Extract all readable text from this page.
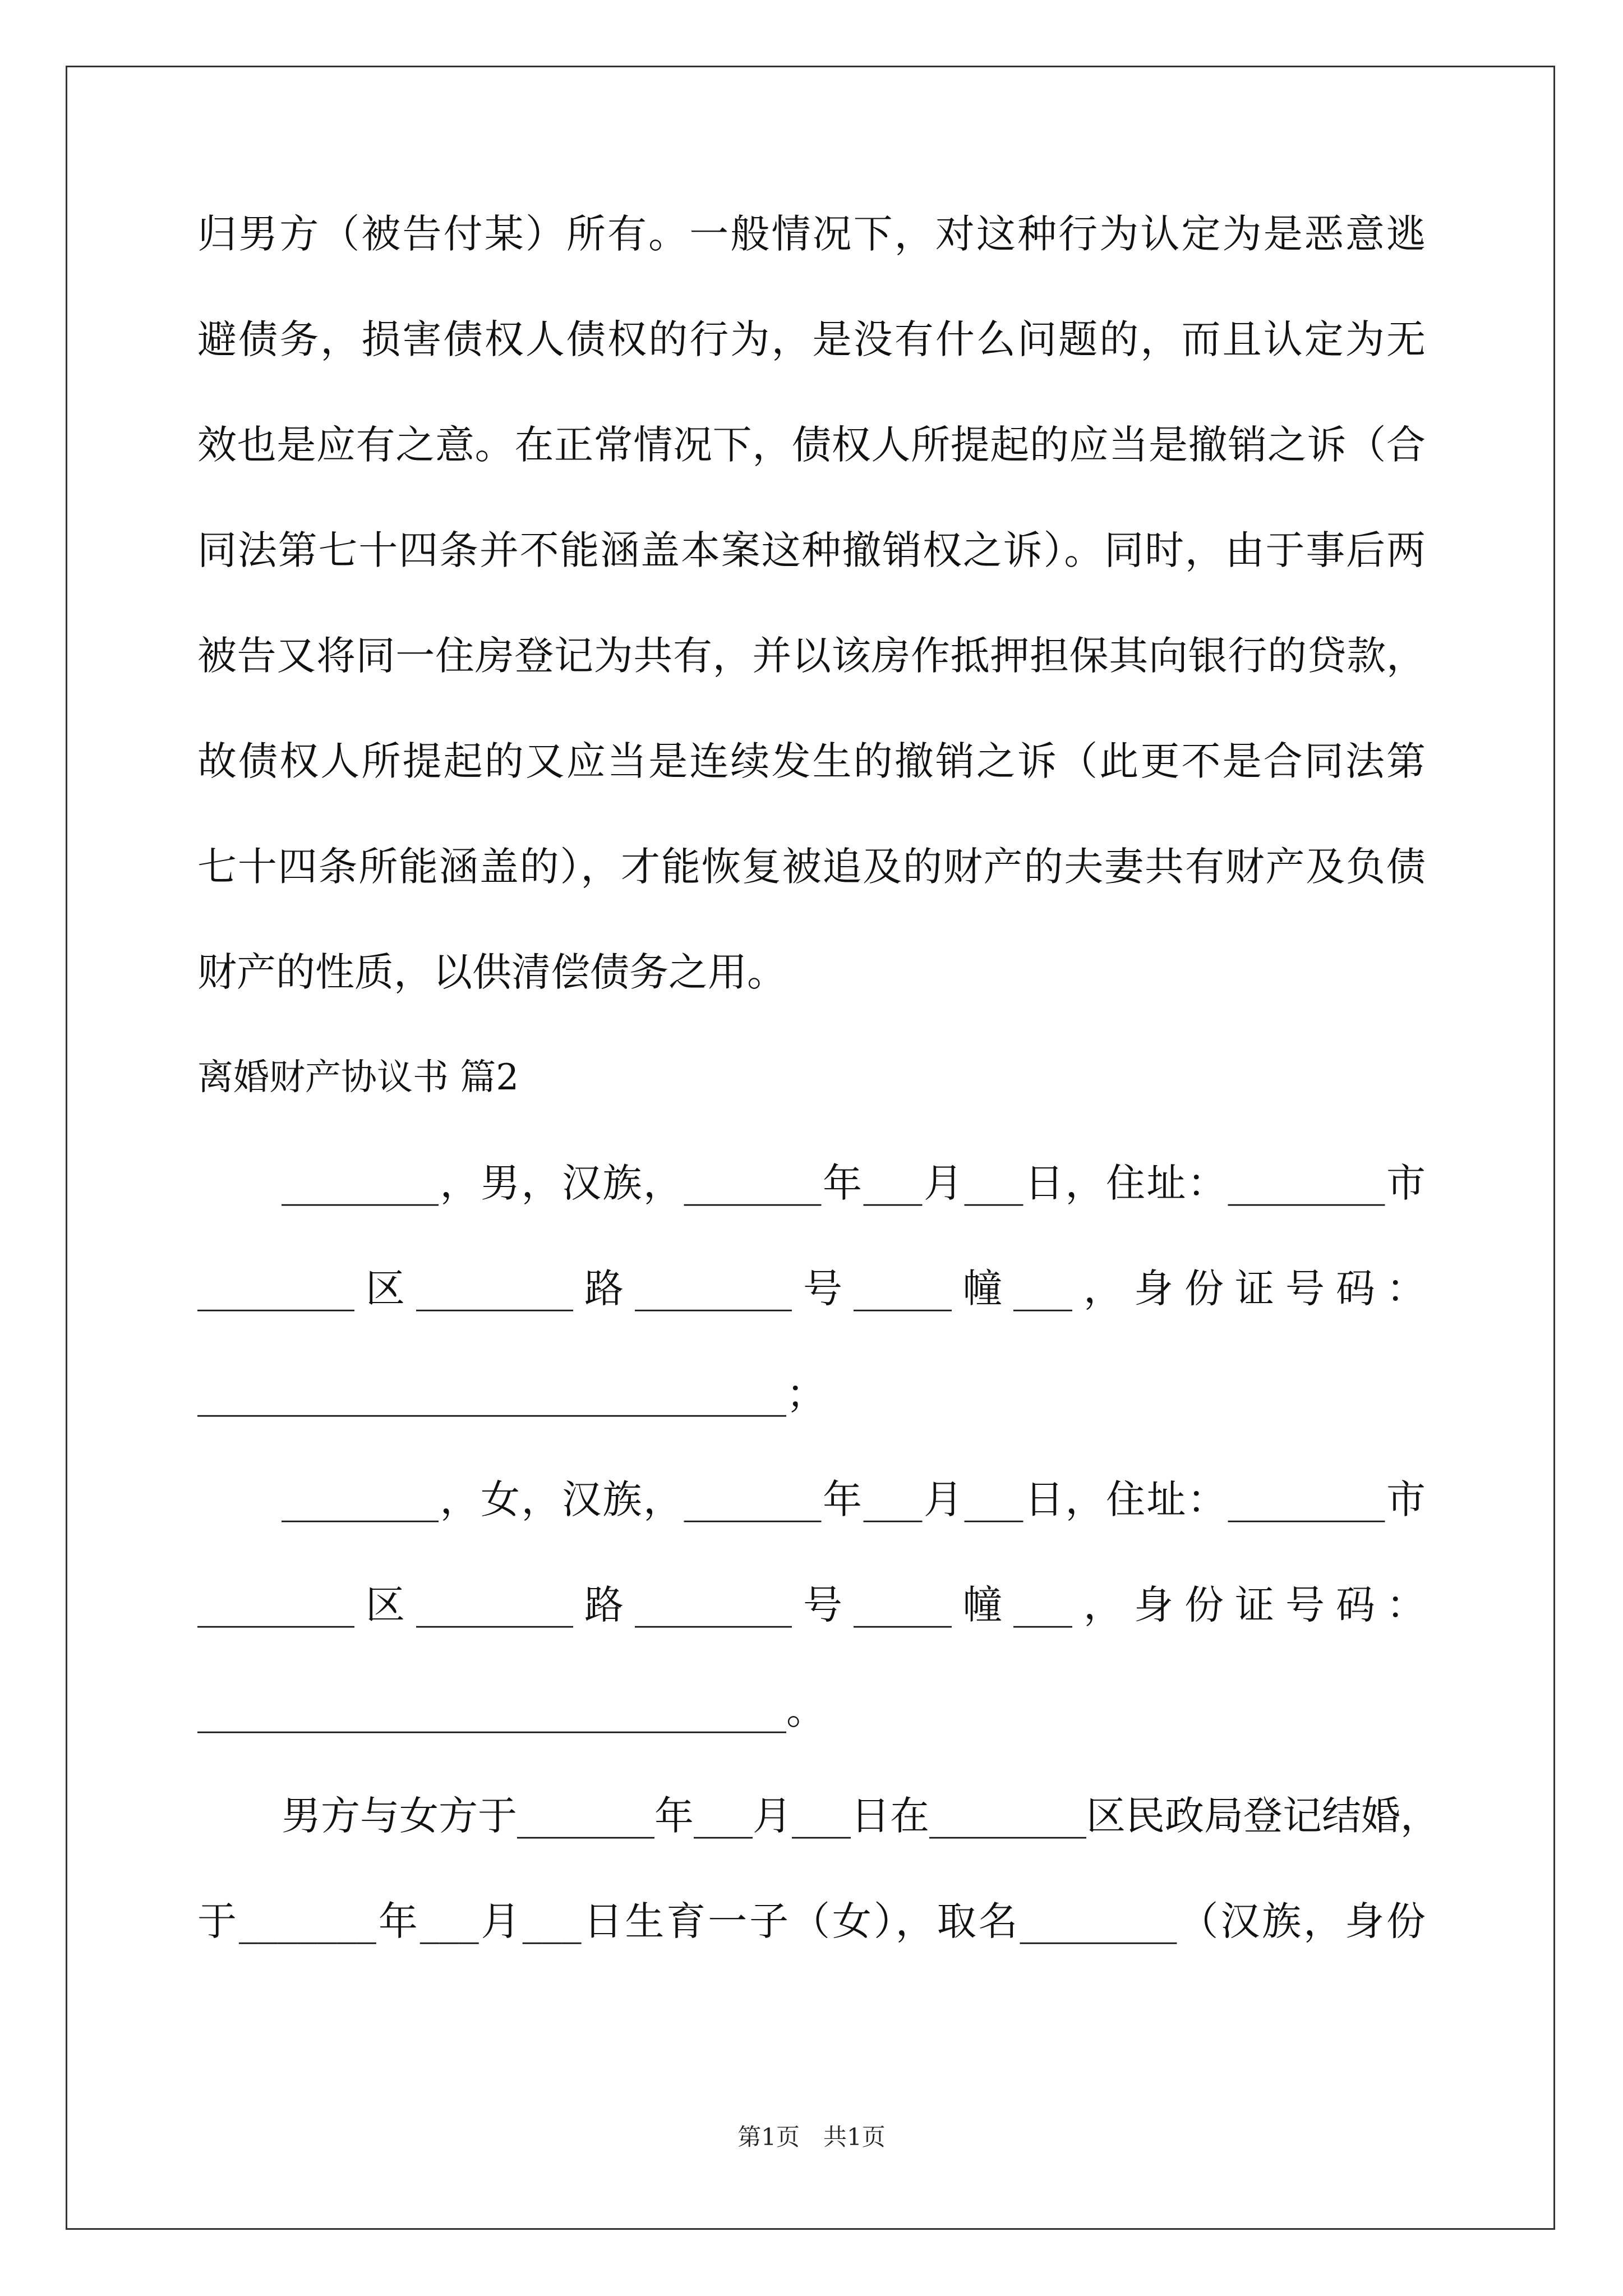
归男方（被告付某）所有。一般情况下，对这种行为认定为是恶意逃
避债务，损害债权人债权的行为，是没有什么问题的，而且认定为无
效也是应有之意。在正常情况下，债权人所提起的应当是撤销之诉（合
同法第七十四条并不能涵盖本案这种撤销权之诉）。同时，由于事后两
被告又将同一住房登记为共有，并以该房作抵押担保其向银行的贷款，
故债权人所提起的又应当是连续发生的撤销之诉（此更不是合同法第
七十四条所能涵盖的），才能恢复被追及的财产的夫妻共有财产及负债
财产的性质，以供清偿债务之用。
离婚财产协议书 篇2
________，男，汉族，_______年___月___日，住址：________市
________区________路________号_____幢___，身份证号码：
______________________________；
________，女，汉族，_______年___月___日，住址：________市
________区________路________号_____幢___，身份证号码：
______________________________。
男方与女方于_______年___月___日在________区民政局登记结婚，
于_______年___月___日生育一子（女），取名________（汉族，身份
第1页　共1页
